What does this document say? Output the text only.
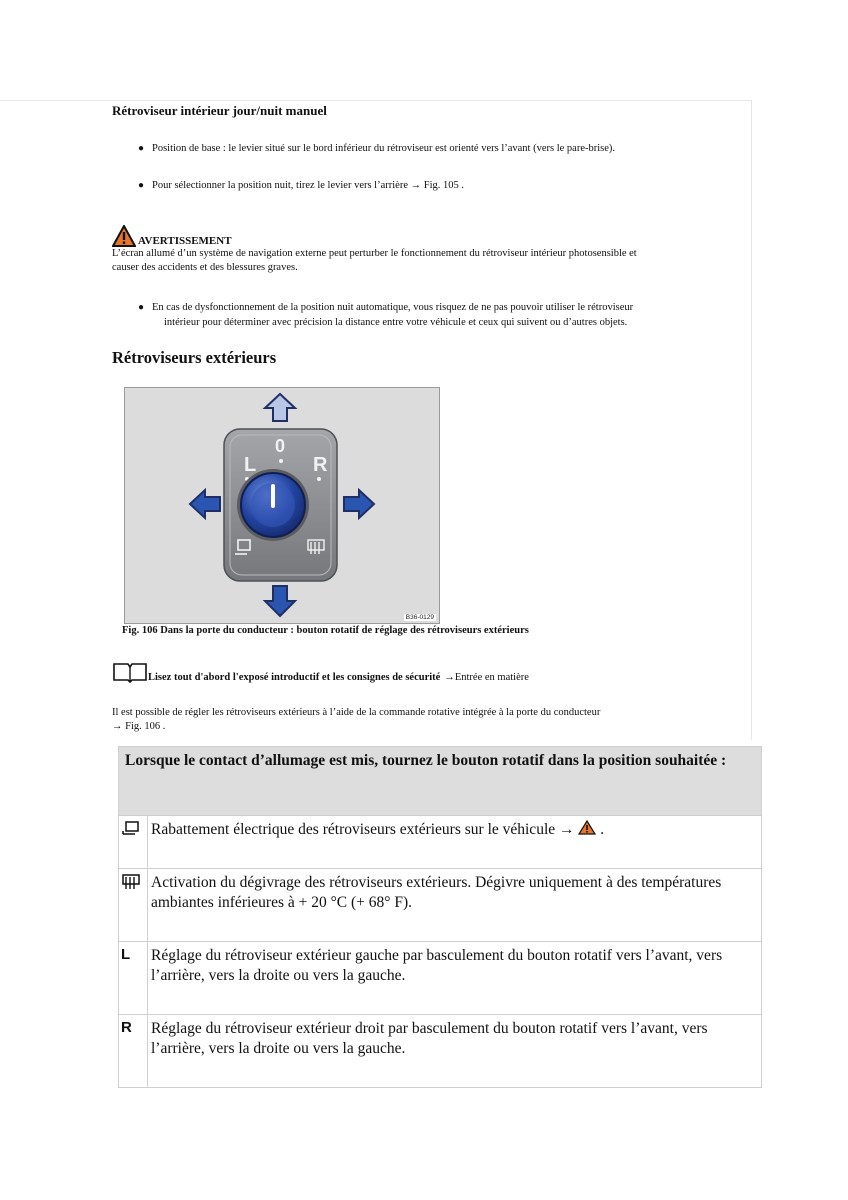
Rétroviseur intérieur jour/nuit manuel
● Position de base : le levier situé sur le bord inférieur du rétroviseur est orienté vers l’avant (vers le pare-brise).
● Pour sélectionner la position nuit, tirez le levier vers l’arrière → Fig. 105 .
AVERTISSEMENT
L’écran allumé d’un système de navigation externe peut perturber le fonctionnement du rétroviseur intérieur photosensible et
causer des accidents et des blessures graves.
● En cas de dysfonctionnement de la position nuit automatique, vous risquez de ne pas pouvoir utiliser le rétroviseur
intérieur pour déterminer avec précision la distance entre votre véhicule et ceux qui suivent ou d’autres objets.
Rétroviseurs extérieurs
L
0
R
B36-0129
Fig. 106 Dans la porte du conducteur : bouton rotatif de réglage des rétroviseurs extérieurs
Lisez tout d'abord l'exposé introductif et les consignes de sécurité →Entrée en matière
Il est possible de régler les rétroviseurs extérieurs à l’aide de la commande rotative intégrée à la porte du conducteur
→ Fig. 106 .
Lorsque le contact d’allumage est mis, tournez le bouton rotatif dans la position souhaitée :	
	Rabattement électrique des rétroviseurs extérieurs sur le véhicule →  .
	Activation du dégivrage des rétroviseurs extérieurs. Dégivre uniquement à des températures ambiantes inférieures à + 20 °C (+ 68° F).
L	Réglage du rétroviseur extérieur gauche par basculement du bouton rotatif vers l’avant, vers l’arrière, vers la droite ou vers la gauche.
R	Réglage du rétroviseur extérieur droit par basculement du bouton rotatif vers l’avant, vers l’arrière, vers la droite ou vers la gauche.
